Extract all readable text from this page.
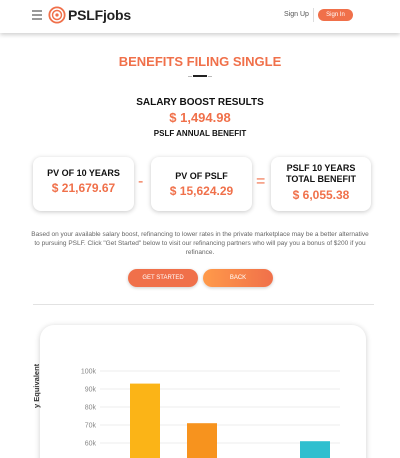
PSLFjobs	Sign Up	Sign In
BENEFITS FILING SINGLE
SALARY BOOST RESULTS
$ 1,494.98
PSLF ANNUAL BENEFIT
PV OF 10 YEARS
$ 21,679.67	-	PV OF PSLF
$ 15,624.29
=
PSLF 10 YEARS
TOTAL BENEFIT
$ 6,055.38
Based on your available salary boost, refinancing to lower rates in the private marketplace may be a better alternative to pursuing PSLF. Click "Get Started" below to visit our refinancing partners who will pay you a bonus of $200 if you refinance.
GET STARTED	BACK
100k
90k
80k
70k
60k
y Equivalent
